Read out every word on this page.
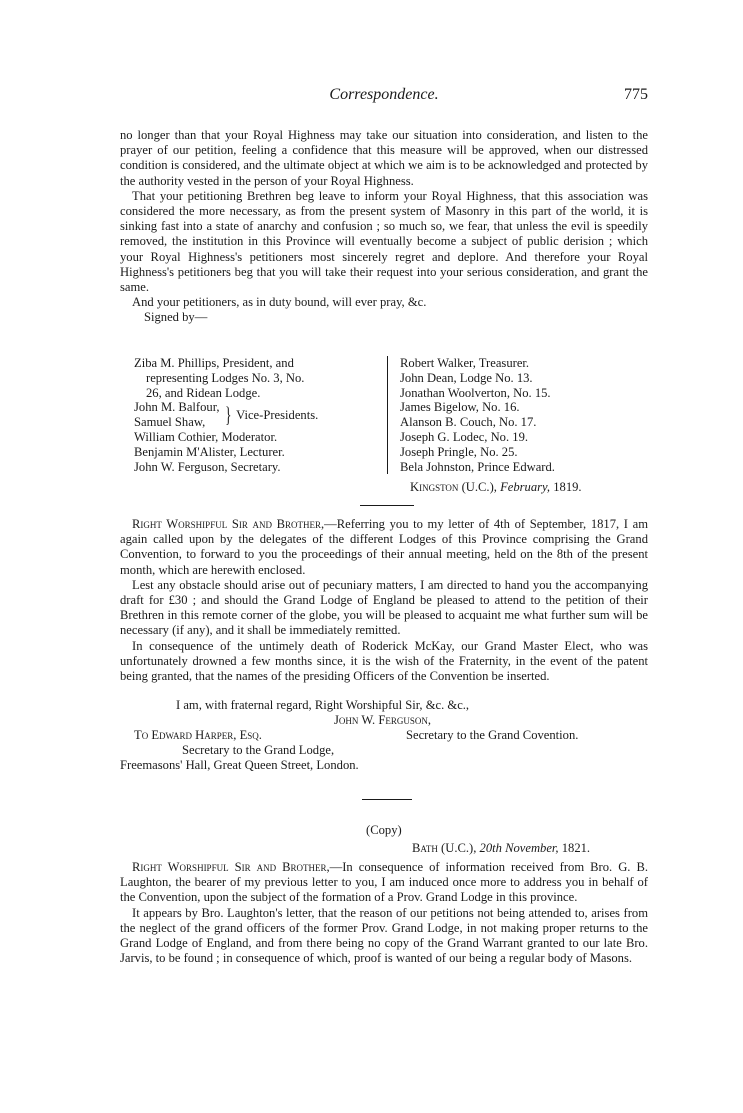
Correspondence.	775

no longer than that your Royal Highness may take our situation into consideration, and listen to the prayer of our petition, feeling a confidence that this measure will be approved, when our distressed condition is considered, and the ultimate object at which we aim is to be acknowledged and protected by the authority vested in the person of your Royal Highness.

That your petitioning Brethren beg leave to inform your Royal Highness, that this association was considered the more necessary, as from the present system of Masonry in this part of the world, it is sinking fast into a state of anarchy and confusion ; so much so, we fear, that unless the evil is speedily removed, the institution in this Province will eventually become a subject of public derision ; which your Royal Highness's petitioners most sincerely regret and deplore. And therefore your Royal Highness's petitioners beg that you will take their request into your serious consideration, and grant the same.

And your petitioners, as in duty bound, will ever pray, &c.

Signed by—

Ziba M. Phillips, President, and
representing Lodges No. 3, No.
26, and Ridean Lodge.
John M. Balfour,
Samuel Shaw, } Vice-Presidents.
William Cothier, Moderator.
Benjamin M'Alister, Lecturer.
John W. Ferguson, Secretary.
Robert Walker, Treasurer.
John Dean, Lodge No. 13.
Jonathan Woolverton, No. 15.
James Bigelow, No. 16.
Alanson B. Couch, No. 17.
Joseph G. Lodec, No. 19.
Joseph Pringle, No. 25.
Bela Johnston, Prince Edward.
Kingston (U.C.), February, 1819.

Right Worshipful Sir and Brother,—Referring you to my letter of 4th of September, 1817, I am again called upon by the delegates of the different Lodges of this Province comprising the Grand Convention, to forward to you the proceedings of their annual meeting, held on the 8th of the present month, which are herewith enclosed.

Lest any obstacle should arise out of pecuniary matters, I am directed to hand you the accompanying draft for £30 ; and should the Grand Lodge of England be pleased to attend to the petition of their Brethren in this remote corner of the globe, you will be pleased to acquaint me what further sum will be necessary (if any), and it shall be immediately remitted.

In consequence of the untimely death of Roderick McKay, our Grand Master Elect, who was unfortunately drowned a few months since, it is the wish of the Fraternity, in the event of the patent being granted, that the names of the presiding Officers of the Convention be inserted.

I am, with fraternal regard, Right Worshipful Sir, &c. &c.,
John W. Ferguson,
To Edward Harper, Esq.	Secretary to the Grand Covention.
Secretary to the Grand Lodge,
Freemasons' Hall, Great Queen Street, London.
(Copy)
Bath (U.C.), 20th November, 1821.

Right Worshipful Sir and Brother,—In consequence of information received from Bro. G. B. Laughton, the bearer of my previous letter to you, I am induced once more to address you in behalf of the Convention, upon the subject of the formation of a Prov. Grand Lodge in this province.

It appears by Bro. Laughton's letter, that the reason of our petitions not being attended to, arises from the neglect of the grand officers of the former Prov. Grand Lodge, in not making proper returns to the Grand Lodge of England, and from there being no copy of the Grand Warrant granted to our late Bro. Jarvis, to be found ; in consequence of which, proof is wanted of our being a regular body of Masons.
